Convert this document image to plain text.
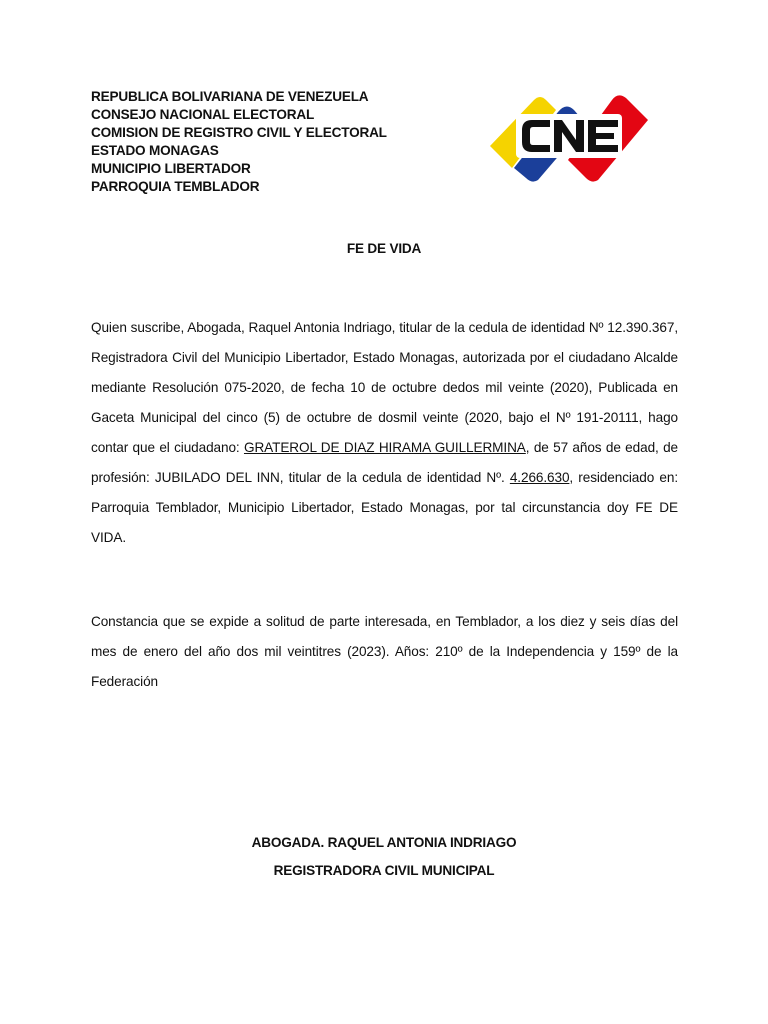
REPUBLICA BOLIVARIANA DE VENEZUELA
CONSEJO NACIONAL ELECTORAL
COMISION DE REGISTRO CIVIL Y ELECTORAL
ESTADO MONAGAS
MUNICIPIO LIBERTADOR
PARROQUIA TEMBLADOR
FE DE VIDA
Quien suscribe, Abogada, Raquel Antonia Indriago, titular de la cedula de identidad Nº 12.390.367, Registradora Civil del Municipio Libertador, Estado Monagas, autorizada por el ciudadano Alcalde mediante Resolución 075-2020, de fecha 10 de octubre dedos mil veinte (2020), Publicada en Gaceta Municipal del cinco (5) de octubre de dosmil veinte (2020, bajo el Nº 191-20111, hago contar que el ciudadano: GRATEROL DE DIAZ HIRAMA GUILLERMINA, de 57 años de edad, de profesión: JUBILADO DEL INN, titular de la cedula de identidad Nº. 4.266.630, residenciado en: Parroquia Temblador, Municipio Libertador, Estado Monagas, por tal circunstancia doy FE DE VIDA.
Constancia que se expide a solitud de parte interesada, en Temblador, a los diez y seis días del mes de enero del año dos mil veintitres (2023). Años: 210º de la Independencia y 159º de la Federación
ABOGADA. RAQUEL ANTONIA INDRIAGO
REGISTRADORA CIVIL MUNICIPAL
